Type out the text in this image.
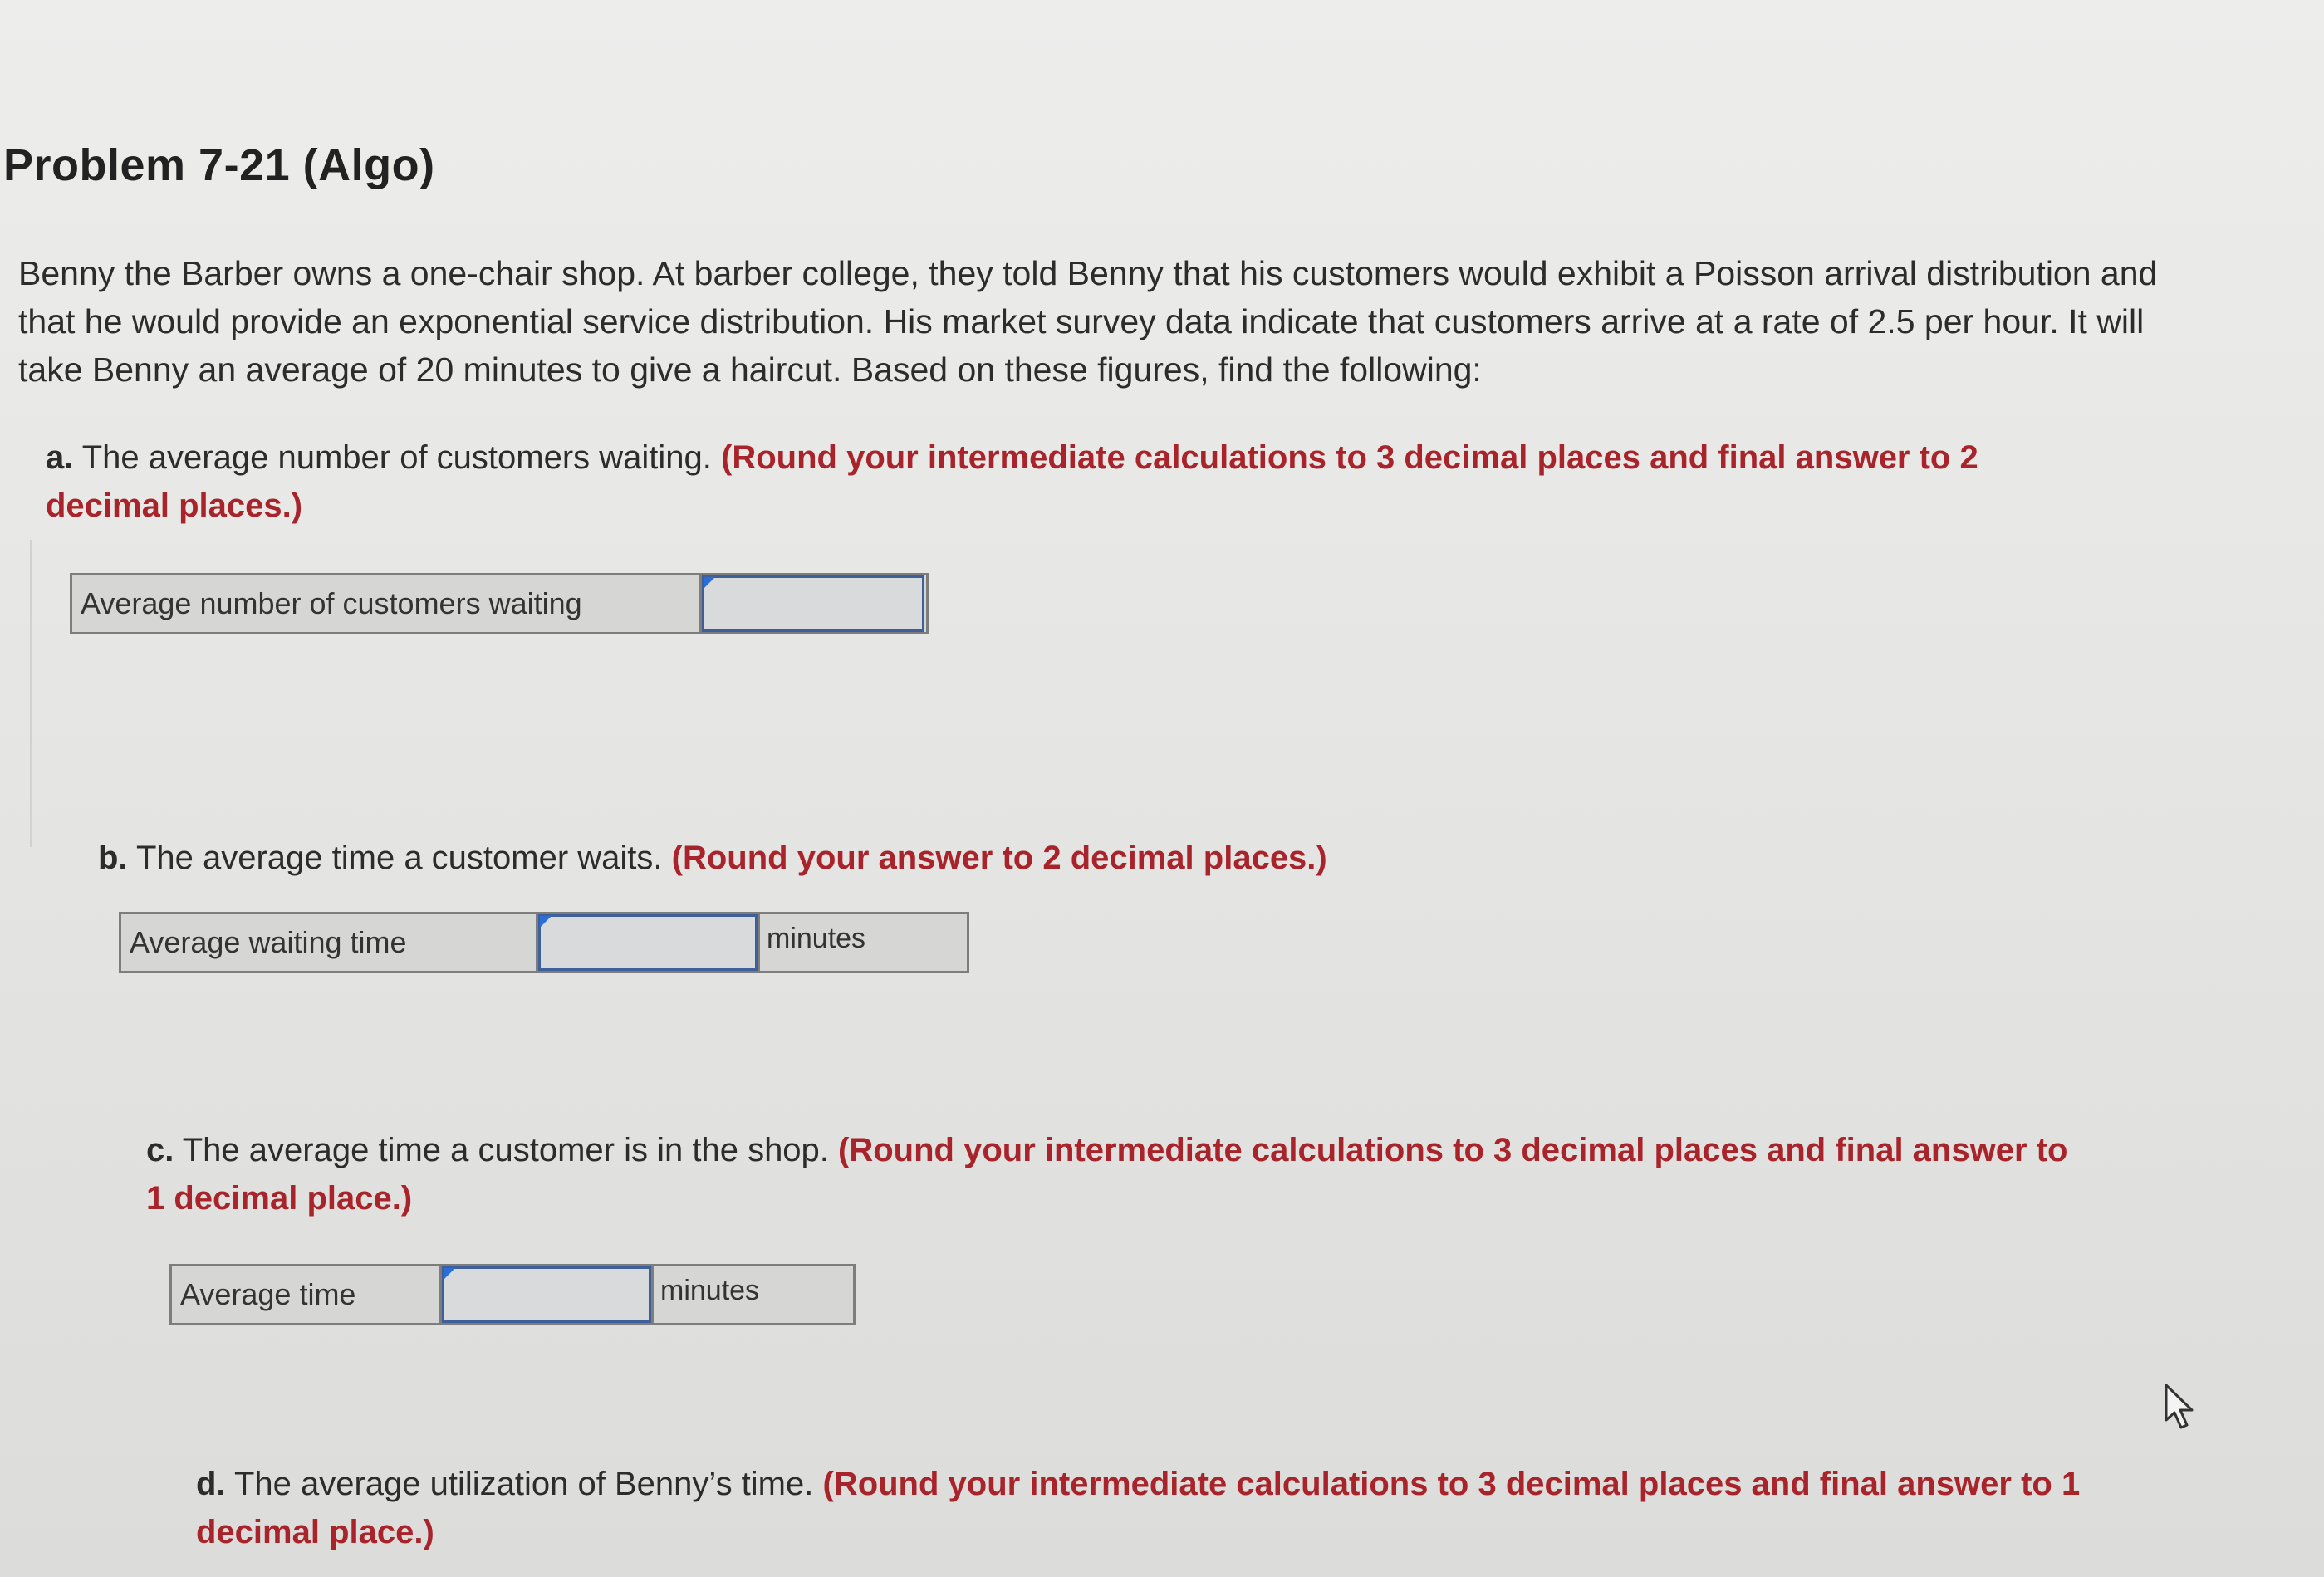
Problem 7-21 (Algo)
Benny the Barber owns a one-chair shop. At barber college, they told Benny that his customers would exhibit a Poisson arrival distribution and that he would provide an exponential service distribution. His market survey data indicate that customers arrive at a rate of 2.5 per hour. It will take Benny an average of 20 minutes to give a haircut. Based on these figures, find the following:
a. The average number of customers waiting. (Round your intermediate calculations to 3 decimal places and final answer to 2 decimal places.)
Average number of customers waiting
b. The average time a customer waits. (Round your answer to 2 decimal places.)
Average waiting time	minutes
c. The average time a customer is in the shop. (Round your intermediate calculations to 3 decimal places and final answer to 1 decimal place.)
Average time	minutes
d. The average utilization of Benny’s time. (Round your intermediate calculations to 3 decimal places and final answer to 1 decimal place.)
